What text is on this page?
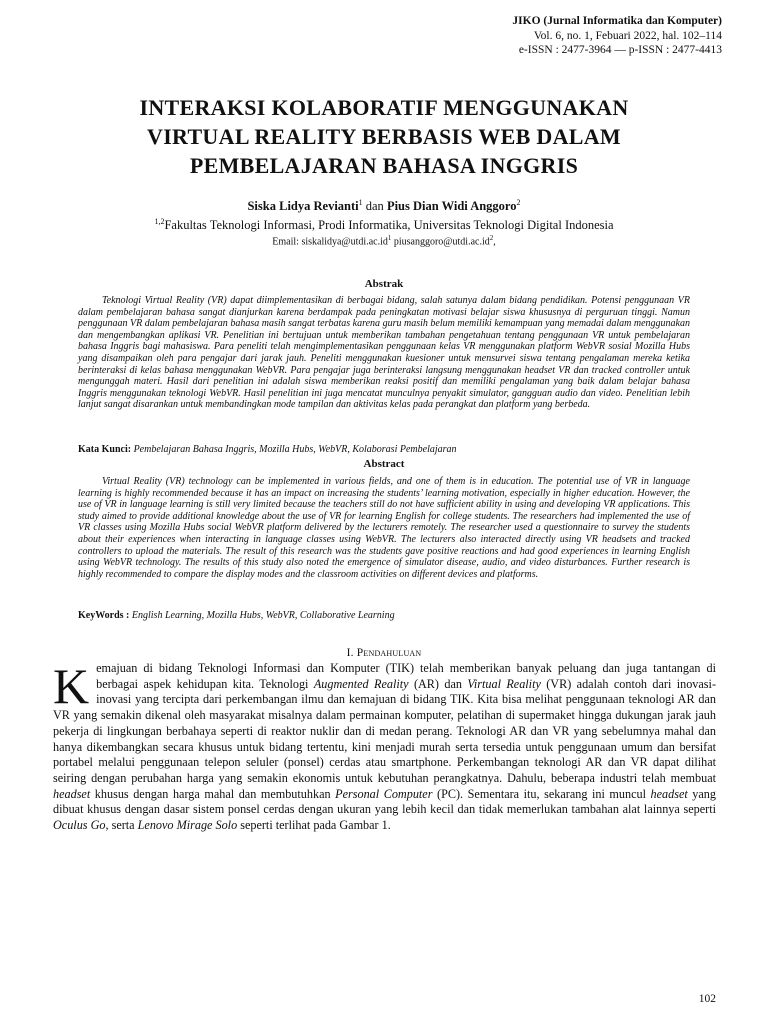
JIKO (Jurnal Informatika dan Komputer)
Vol. 6, no. 1, Febuari 2022, hal. 102–114
e-ISSN : 2477-3964 — p-ISSN : 2477-4413
INTERAKSI KOLABORATIF MENGGUNAKAN
VIRTUAL REALITY BERBASIS WEB DALAM
PEMBELAJARAN BAHASA INGGRIS
Siska Lidya Revianti$^1$ dan Pius Dian Widi Anggoro$^2$
$^{1,2}$Fakultas Teknologi Informasi, Prodi Informatika, Universitas Teknologi Digital Indonesia
Email: $siskalidya@utdi.ac.id^1$ $piusanggoro@utdi.ac.id^2$,
Abstrak

Teknologi Virtual Reality (VR) dapat diimplementasikan di berbagai bidang, salah satunya dalam bidang pendidikan. Potensi penggunaan VR dalam pembelajaran bahasa sangat dianjurkan karena berdampak pada peningkatan motivasi belajar siswa khususnya di perguruan tinggi. Namun penggunaan VR dalam pembelajaran bahasa masih sangat terbatas karena guru masih belum memiliki kemampuan yang memadai dalam menggunakan dan mengembangkan aplikasi VR. Penelitian ini bertujuan untuk memberikan tambahan pengetahuan tentang penggunaan VR untuk pembelajaran bahasa Inggris bagi mahasiswa. Para peneliti telah mengimplementasikan penggunaan kelas VR menggunakan platform WebVR sosial Mozilla Hubs yang disampaikan oleh para pengajar dari jarak jauh. Peneliti menggunakan kuesioner untuk mensurvei siswa tentang pengalaman mereka ketika berinteraksi di kelas bahasa menggunakan WebVR. Para pengajar juga berinteraksi langsung menggunakan headset VR dan tracked controller untuk mengunggah materi. Hasil dari penelitian ini adalah siswa memberikan reaksi positif dan memiliki pengalaman yang baik dalam belajar bahasa Inggris menggunakan teknologi WebVR. Hasil penelitian ini juga mencatat munculnya penyakit simulator, gangguan audio dan video. Penelitian lebih lanjut sangat disarankan untuk membandingkan mode tampilan dan aktivitas kelas pada perangkat dan platform yang berbeda.

Kata Kunci: Pembelajaran Bahasa Inggris, Mozilla Hubs, WebVR, Kolaborasi Pembelajaran
Abstract

Virtual Reality (VR) technology can be implemented in various fields, and one of them is in education. The potential use of VR in language learning is highly recommended because it has an impact on increasing the students’ learning motivation, especially in higher education. However, the use of VR in language learning is still very limited because the teachers still do not have sufficient ability in using and developing VR applications. This study aimed to provide additional knowledge about the use of VR for learning English for college students. The researchers had implemented the use of VR classes using Mozilla Hubs social WebVR platform delivered by the lecturers remotely. The researcher used a questionnaire to survey the students about their experiences when interacting in language classes using WebVR. The lecturers also interacted directly using VR headsets and tracked controllers to upload the materials. The result of this research was the students gave positive reactions and had good experiences in learning English using WebVR technology. The results of this study also noted the emergence of simulator disease, audio, and video disturbances. Further research is highly recommended to compare the display modes and the classroom activities on different devices and platforms.

KeyWords : English Learning, Mozilla Hubs, WebVR, Collaborative Learning
I. Pendahuluan

Kemajuan di bidang Teknologi Informasi dan Komputer (TIK) telah memberikan banyak peluang dan juga tantangan di berbagai aspek kehidupan kita. Teknologi Augmented Reality (AR) dan Virtual Reality (VR) adalah contoh dari inovasi-inovasi yang tercipta dari perkembangan ilmu dan kemajuan di bidang TIK. Kita bisa melihat penggunaan teknologi AR dan VR yang semakin dikenal oleh masyarakat misalnya dalam permainan komputer, pelatihan di supermaket hingga dukungan jarak jauh pekerja di lingkungan berbahaya seperti di reaktor nuklir dan di medan perang. Teknologi AR dan VR yang sebelumnya mahal dan hanya dikembangkan secara khusus untuk bidang tertentu, kini menjadi murah serta tersedia untuk penggunaan umum dan bersifat portabel melalui penggunaan telepon seluler (ponsel) cerdas atau smartphone. Perkembangan teknologi AR dan VR dapat dilihat seiring dengan perubahan harga yang semakin ekonomis untuk kebutuhan perangkatnya. Dahulu, beberapa industri telah membuat headset khusus dengan harga mahal dan membutuhkan Personal Computer (PC). Sementara itu, sekarang ini muncul headset yang dibuat khusus dengan dasar sistem ponsel cerdas dengan ukuran yang lebih kecil dan tidak memerlukan tambahan alat lainnya seperti Oculus Go, serta Lenovo Mirage Solo seperti terlihat pada Gambar 1.

102
